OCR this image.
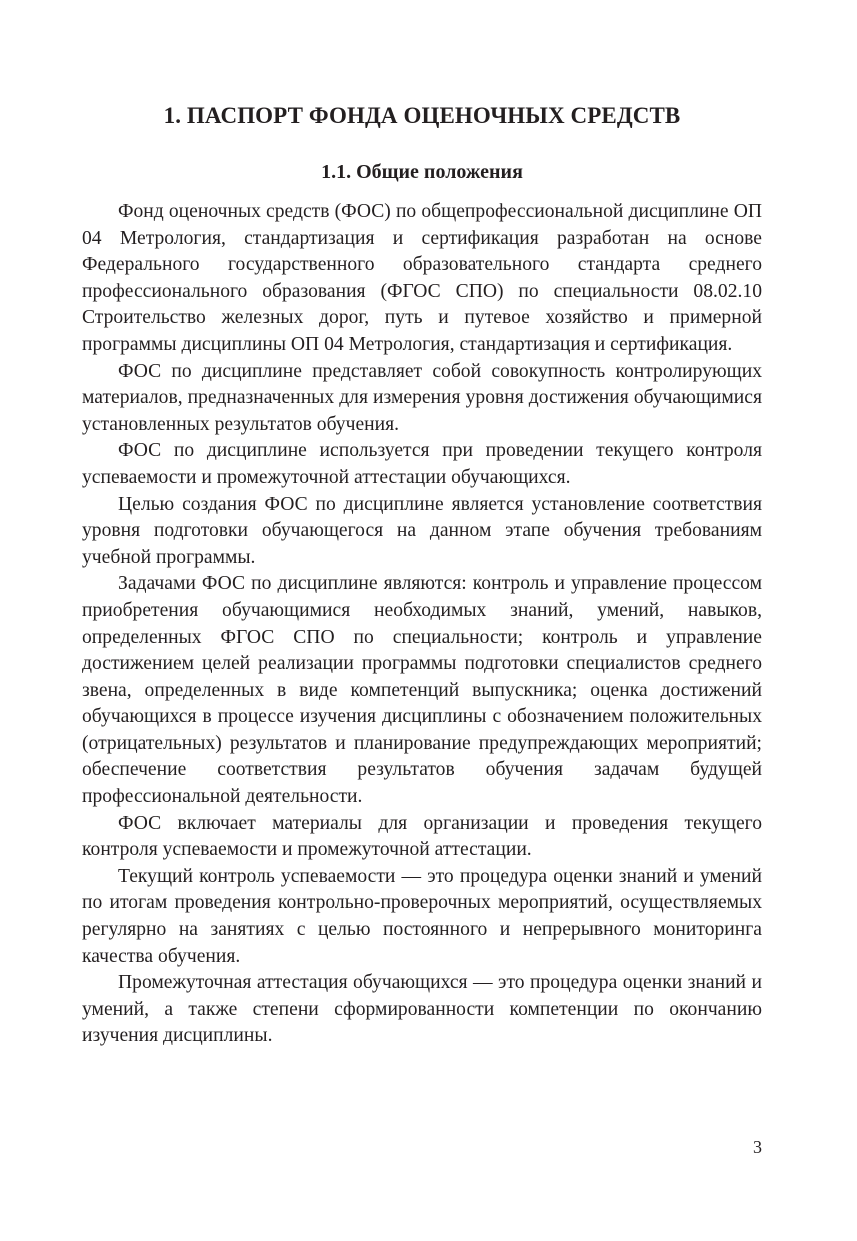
1. ПАСПОРТ ФОНДА ОЦЕНОЧНЫХ СРЕДСТВ
1.1. Общие положения

Фонд оценочных средств (ФОС) по общепрофессиональной дисциплине ОП 04 Метрология, стандартизация и сертификация разработан на основе Федерального государственного образовательного стандарта среднего профессионального образования (ФГОС СПО) по специальности 08.02.10 Строительство железных дорог, путь и путевое хозяйство и примерной программы дисциплины ОП 04 Метрология, стандартизация и сертификация.

ФОС по дисциплине представляет собой совокупность контролирующих материалов, предназначенных для измерения уровня достижения обучающимися установленных результатов обучения.

ФОС по дисциплине используется при проведении текущего контроля успеваемости и промежуточной аттестации обучающихся.

Целью создания ФОС по дисциплине является установление соответствия уровня подготовки обучающегося на данном этапе обучения требованиям учебной программы.

Задачами ФОС по дисциплине являются: контроль и управление процессом приобретения обучающимися необходимых знаний, умений, навыков, определенных ФГОС СПО по специальности; контроль и управление достижением целей реализации программы подготовки специалистов среднего звена, определенных в виде компетенций выпускника; оценка достижений обучающихся в процессе изучения дисциплины с обозначением положительных (отрицательных) результатов и планирование предупреждающих мероприятий; обеспечение соответствия результатов обучения задачам будущей профессиональной деятельности.

ФОС включает материалы для организации и проведения текущего контроля успеваемости и промежуточной аттестации.

Текущий контроль успеваемости — это процедура оценки знаний и умений по итогам проведения контрольно-проверочных мероприятий, осуществляемых регулярно на занятиях с целью постоянного и непрерывного мониторинга качества обучения.

Промежуточная аттестация обучающихся — это процедура оценки знаний и умений, а также степени сформированности компетенции по окончанию изучения дисциплины.

3
